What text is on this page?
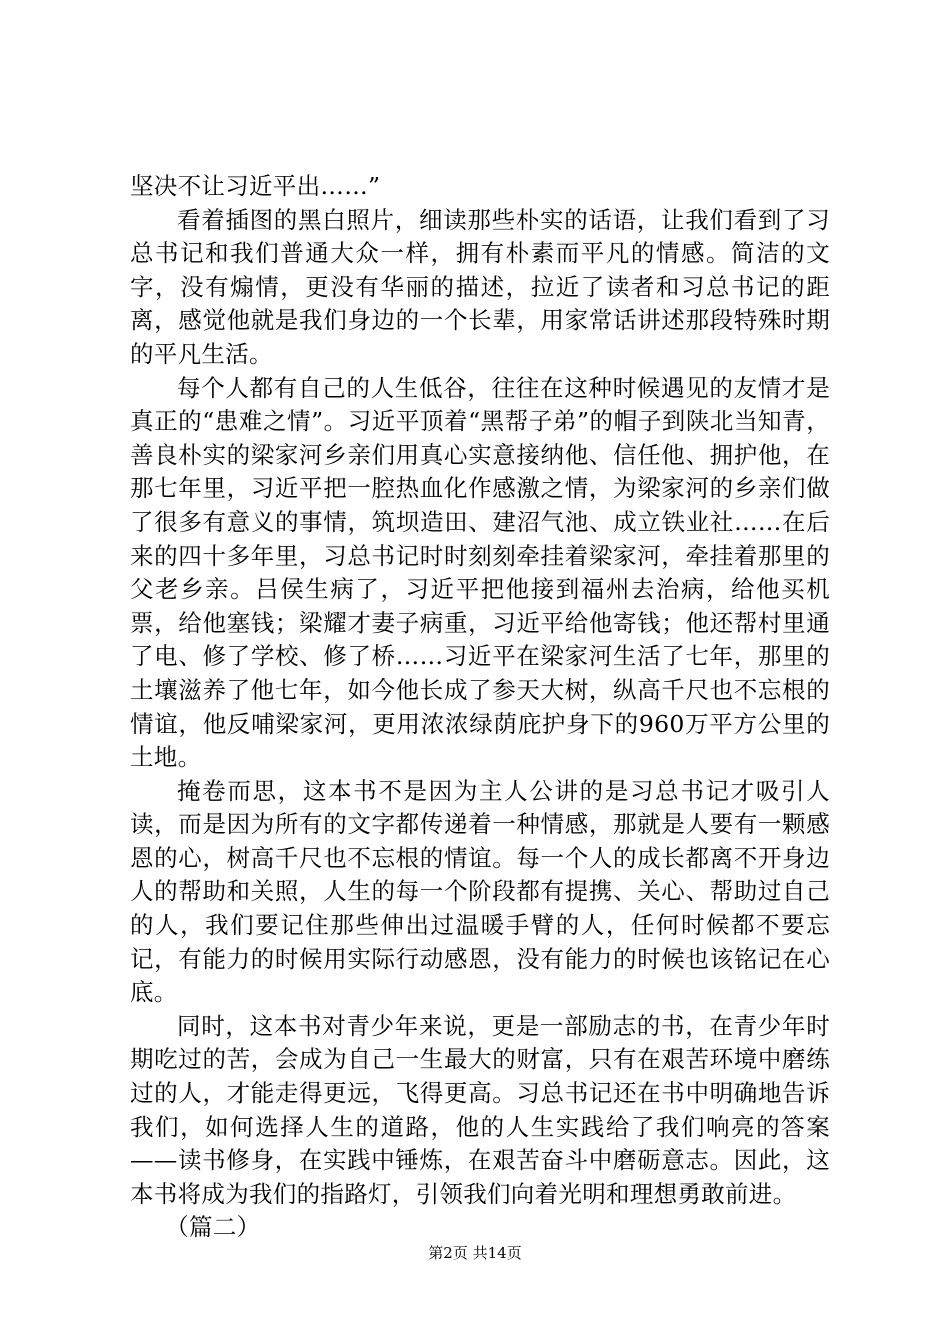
坚决不让习近平出……”

看着插图的黑白照片，细读那些朴实的话语，让我们看到了习总书记和我们普通大众一样，拥有朴素而平凡的情感。简洁的文字，没有煽情，更没有华丽的描述，拉近了读者和习总书记的距离，感觉他就是我们身边的一个长辈，用家常话讲述那段特殊时期的平凡生活。

每个人都有自己的人生低谷，往往在这种时候遇见的友情才是真正的“患难之情”。习近平顶着“黑帮子弟”的帽子到陕北当知青，善良朴实的梁家河乡亲们用真心实意接纳他、信任他、拥护他，在那七年里，习近平把一腔热血化作感激之情，为梁家河的乡亲们做了很多有意义的事情，筑坝造田、建沼气池、成立铁业社……在后来的四十多年里，习总书记时时刻刻牵挂着梁家河，牵挂着那里的父老乡亲。吕侯生病了，习近平把他接到福州去治病，给他买机票，给他塞钱；梁耀才妻子病重，习近平给他寄钱；他还帮村里通了电、修了学校、修了桥……习近平在梁家河生活了七年，那里的土壤滋养了他七年，如今他长成了参天大树，纵高千尺也不忘根的情谊，他反哺梁家河，更用浓浓绿荫庇护身下的960万平方公里的土地。

掩卷而思，这本书不是因为主人公讲的是习总书记才吸引人读，而是因为所有的文字都传递着一种情感，那就是人要有一颗感恩的心，树高千尺也不忘根的情谊。每一个人的成长都离不开身边人的帮助和关照，人生的每一个阶段都有提携、关心、帮助过自己的人，我们要记住那些伸出过温暖手臂的人，任何时候都不要忘记，有能力的时候用实际行动感恩，没有能力的时候也该铭记在心底。

同时，这本书对青少年来说，更是一部励志的书，在青少年时期吃过的苦，会成为自己一生最大的财富，只有在艰苦环境中磨练过的人，才能走得更远，飞得更高。习总书记还在书中明确地告诉我们，如何选择人生的道路，他的人生实践给了我们响亮的答案——读书修身，在实践中锤炼，在艰苦奋斗中磨砺意志。因此，这本书将成为我们的指路灯，引领我们向着光明和理想勇敢前进。

（篇二）

第2页 共14页
